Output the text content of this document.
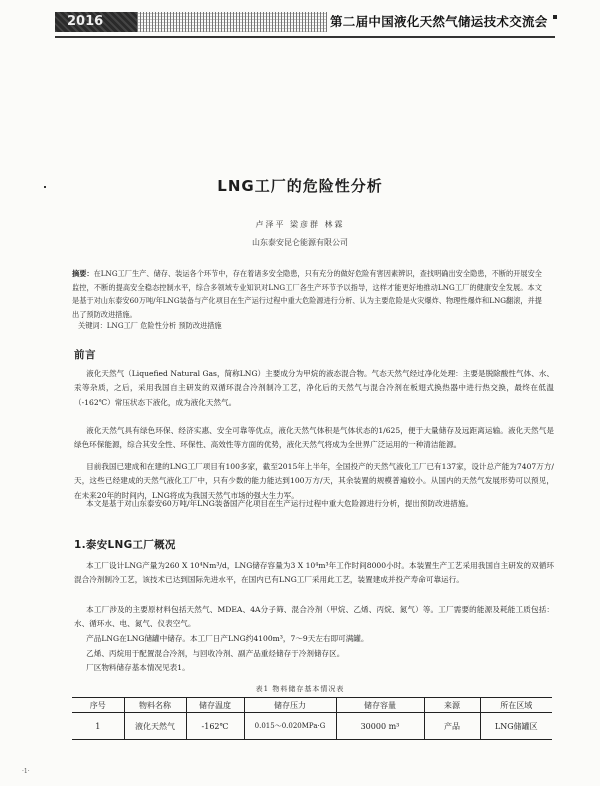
2016	第二届中国液化天然气储运技术交流会
LNG工厂的危险性分析
卢泽平 梁彦群 林霖
山东泰安昆仑能源有限公司
摘要：在LNG工厂生产、储存、装运各个环节中，存在着诸多安全隐患，只有充分的做好危险有害因素辨识，查找明确出安全隐患，不断的开展安全监控，不断的提高安全稳态控制水平，综合多领域专业知识对LNG工厂各生产环节予以指导，这样才能更好地推动LNG工厂的健康安全发展。本文是基于对山东泰安60万吨/年LNG装备与产化项目在生产运行过程中重大危险源进行分析、认为主要危险是火灾爆炸、物理性爆炸和LNG翻滚，并提出了预防改进措施。
关键词：LNG工厂 危险性分析 预防改进措施
前言
液化天然气（Liquefied Natural Gas，简称LNG）主要成分为甲烷的液态混合物。气态天然气经过净化处理：主要是脱除酸性气体、水、汞等杂质，之后，采用我国自主研发的双循环混合冷剂制冷工艺，净化后的天然气与混合冷剂在板翅式换热器中进行热交换，最终在低温（-162℃）常压状态下液化，成为液化天然气。
液化天然气具有绿色环保、经济实惠、安全可靠等优点，液化天然气体积是气体状态的1/625，便于大量储存及远距离运输。液化天然气是绿色环保能源，综合其安全性、环保性、高效性等方面的优势，液化天然气将成为全世界广泛运用的一种清洁能源。
目前我国已建成和在建的LNG工厂项目有100多家，截至2015年上半年，全国投产的天然气液化工厂已有137家，设计总产能为7407万方/天，这些已经建成的天然气液化工厂中，只有少数的能力能达到100万方/天，其余装置的规模普遍较小。从国内的天然气发展形势可以预见，在未来20年的时间内，LNG将成为我国天然气市场的强大生力军。
本文是基于对山东泰安60万吨/年LNG装备国产化项目在生产运行过程中重大危险源进行分析，提出预防改进措施。
1.泰安LNG工厂概况
本工厂设计LNG产量为260 X 10⁴Nm³/d，LNG储存容量为3 X 10⁴m³年工作时间8000小时。本装置生产工艺采用我国自主研发的双循环混合冷剂制冷工艺，该技术已达到国际先进水平，在国内已有LNG工厂采用此工艺，装置建成并投产寿命可靠运行。
本工厂涉及的主要原材料包括天然气、MDEA、4A分子筛、混合冷剂（甲烷、乙烯、丙烷、氮气）等。工厂需要的能源及耗能工质包括：水、循环水、电、氮气、仪表空气。
产品LNG在LNG储罐中储存。本工厂日产LNG约4100m³，7～9天左右即可满罐。
乙烯、丙烷用于配置混合冷剂，与回收冷剂、副产品重烃储存于冷剂储存区。
厂区物料储存基本情况见表1。
表1 物料储存基本情况表
序号	物料名称	储存温度	储存压力	储存容量	来源	所在区域
1	液化天然气	-162℃	0.015～0.020MPa·G	30000 m³	产品	LNG储罐区
·1·
